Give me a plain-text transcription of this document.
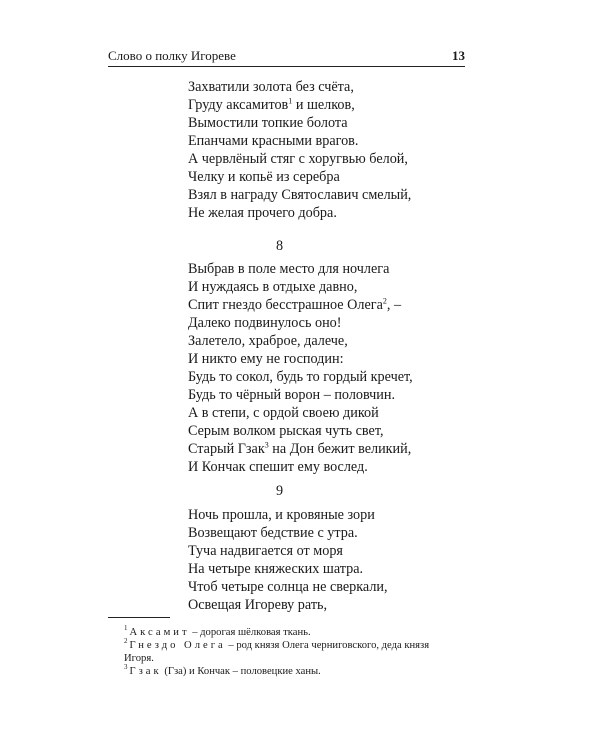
Слово о полку Игореве	13
Захватили золота без счёта,
Груду аксамитов$^1$ и шелков,
Вымостили топкие болота
Епанчами красными врагов.
А червлёный стяг с хоругвью белой,
Челку и копьё из серебра
Взял в награду Святославич смелый,
Не желая прочего добра.
8
Выбрав в поле место для ночлега
И нуждаясь в отдыхе давно,
Спит гнездо бесстрашное Олега$^2$, –
Далеко подвинулось оно!
Залетело, храброе, далече,
И никто ему не господин:
Будь то сокол, будь то гордый кречет,
Будь то чёрный ворон – половчин.
А в степи, с ордой своею дикой
Серым волком рыская чуть свет,
Старый Гзак$^3$ на Дон бежит великий,
И Кончак спешит ему вослед.
9
Ночь прошла, и кровяные зори
Возвещают бедствие с утра.
Туча надвигается от моря
На четыре княжеских шатра.
Чтоб четыре солнца не сверкали,
Освещая Игореву рать,
$^1$ Аксамит – дорогая шёлковая ткань.
$^2$ Гнездо Олега – род князя Олега черниговского, деда князя
Игоря.
$^3$ Гзак (Гза) и Кончак – половецкие ханы.
